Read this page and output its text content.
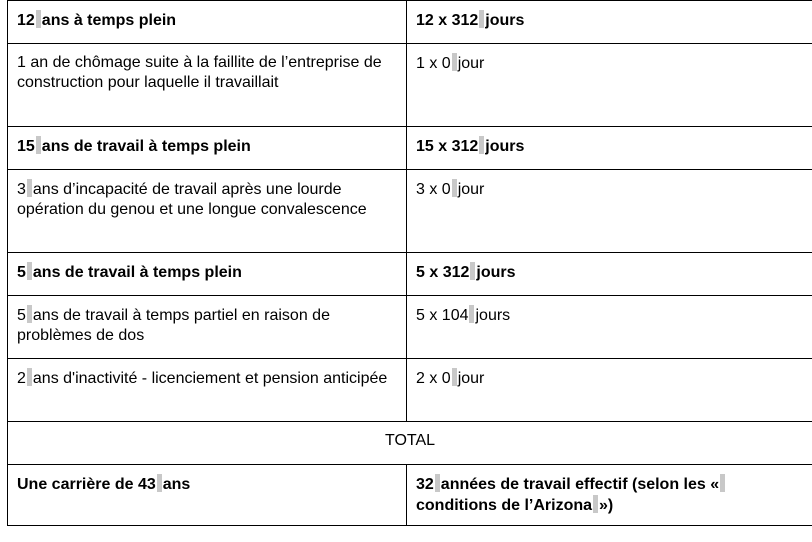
12 ans à temps plein	12 x 312 jours
1 an de chômage suite à la faillite de l’entreprise de construction pour laquelle il travaillait	1 x 0 jour
15 ans de travail à temps plein	15 x 312 jours
3 ans d’incapacité de travail après une lourde opération du genou et une longue convalescence	3 x 0 jour
5 ans de travail à temps plein	5 x 312 jours
5 ans de travail à temps partiel en raison de problèmes de dos	5 x 104 jours
2 ans d'inactivité - licenciement et pension anticipée	2 x 0 jour
TOTAL	
Une carrière de 43 ans	32 années de travail effectif (selon les «conditions de l’Arizona »)
